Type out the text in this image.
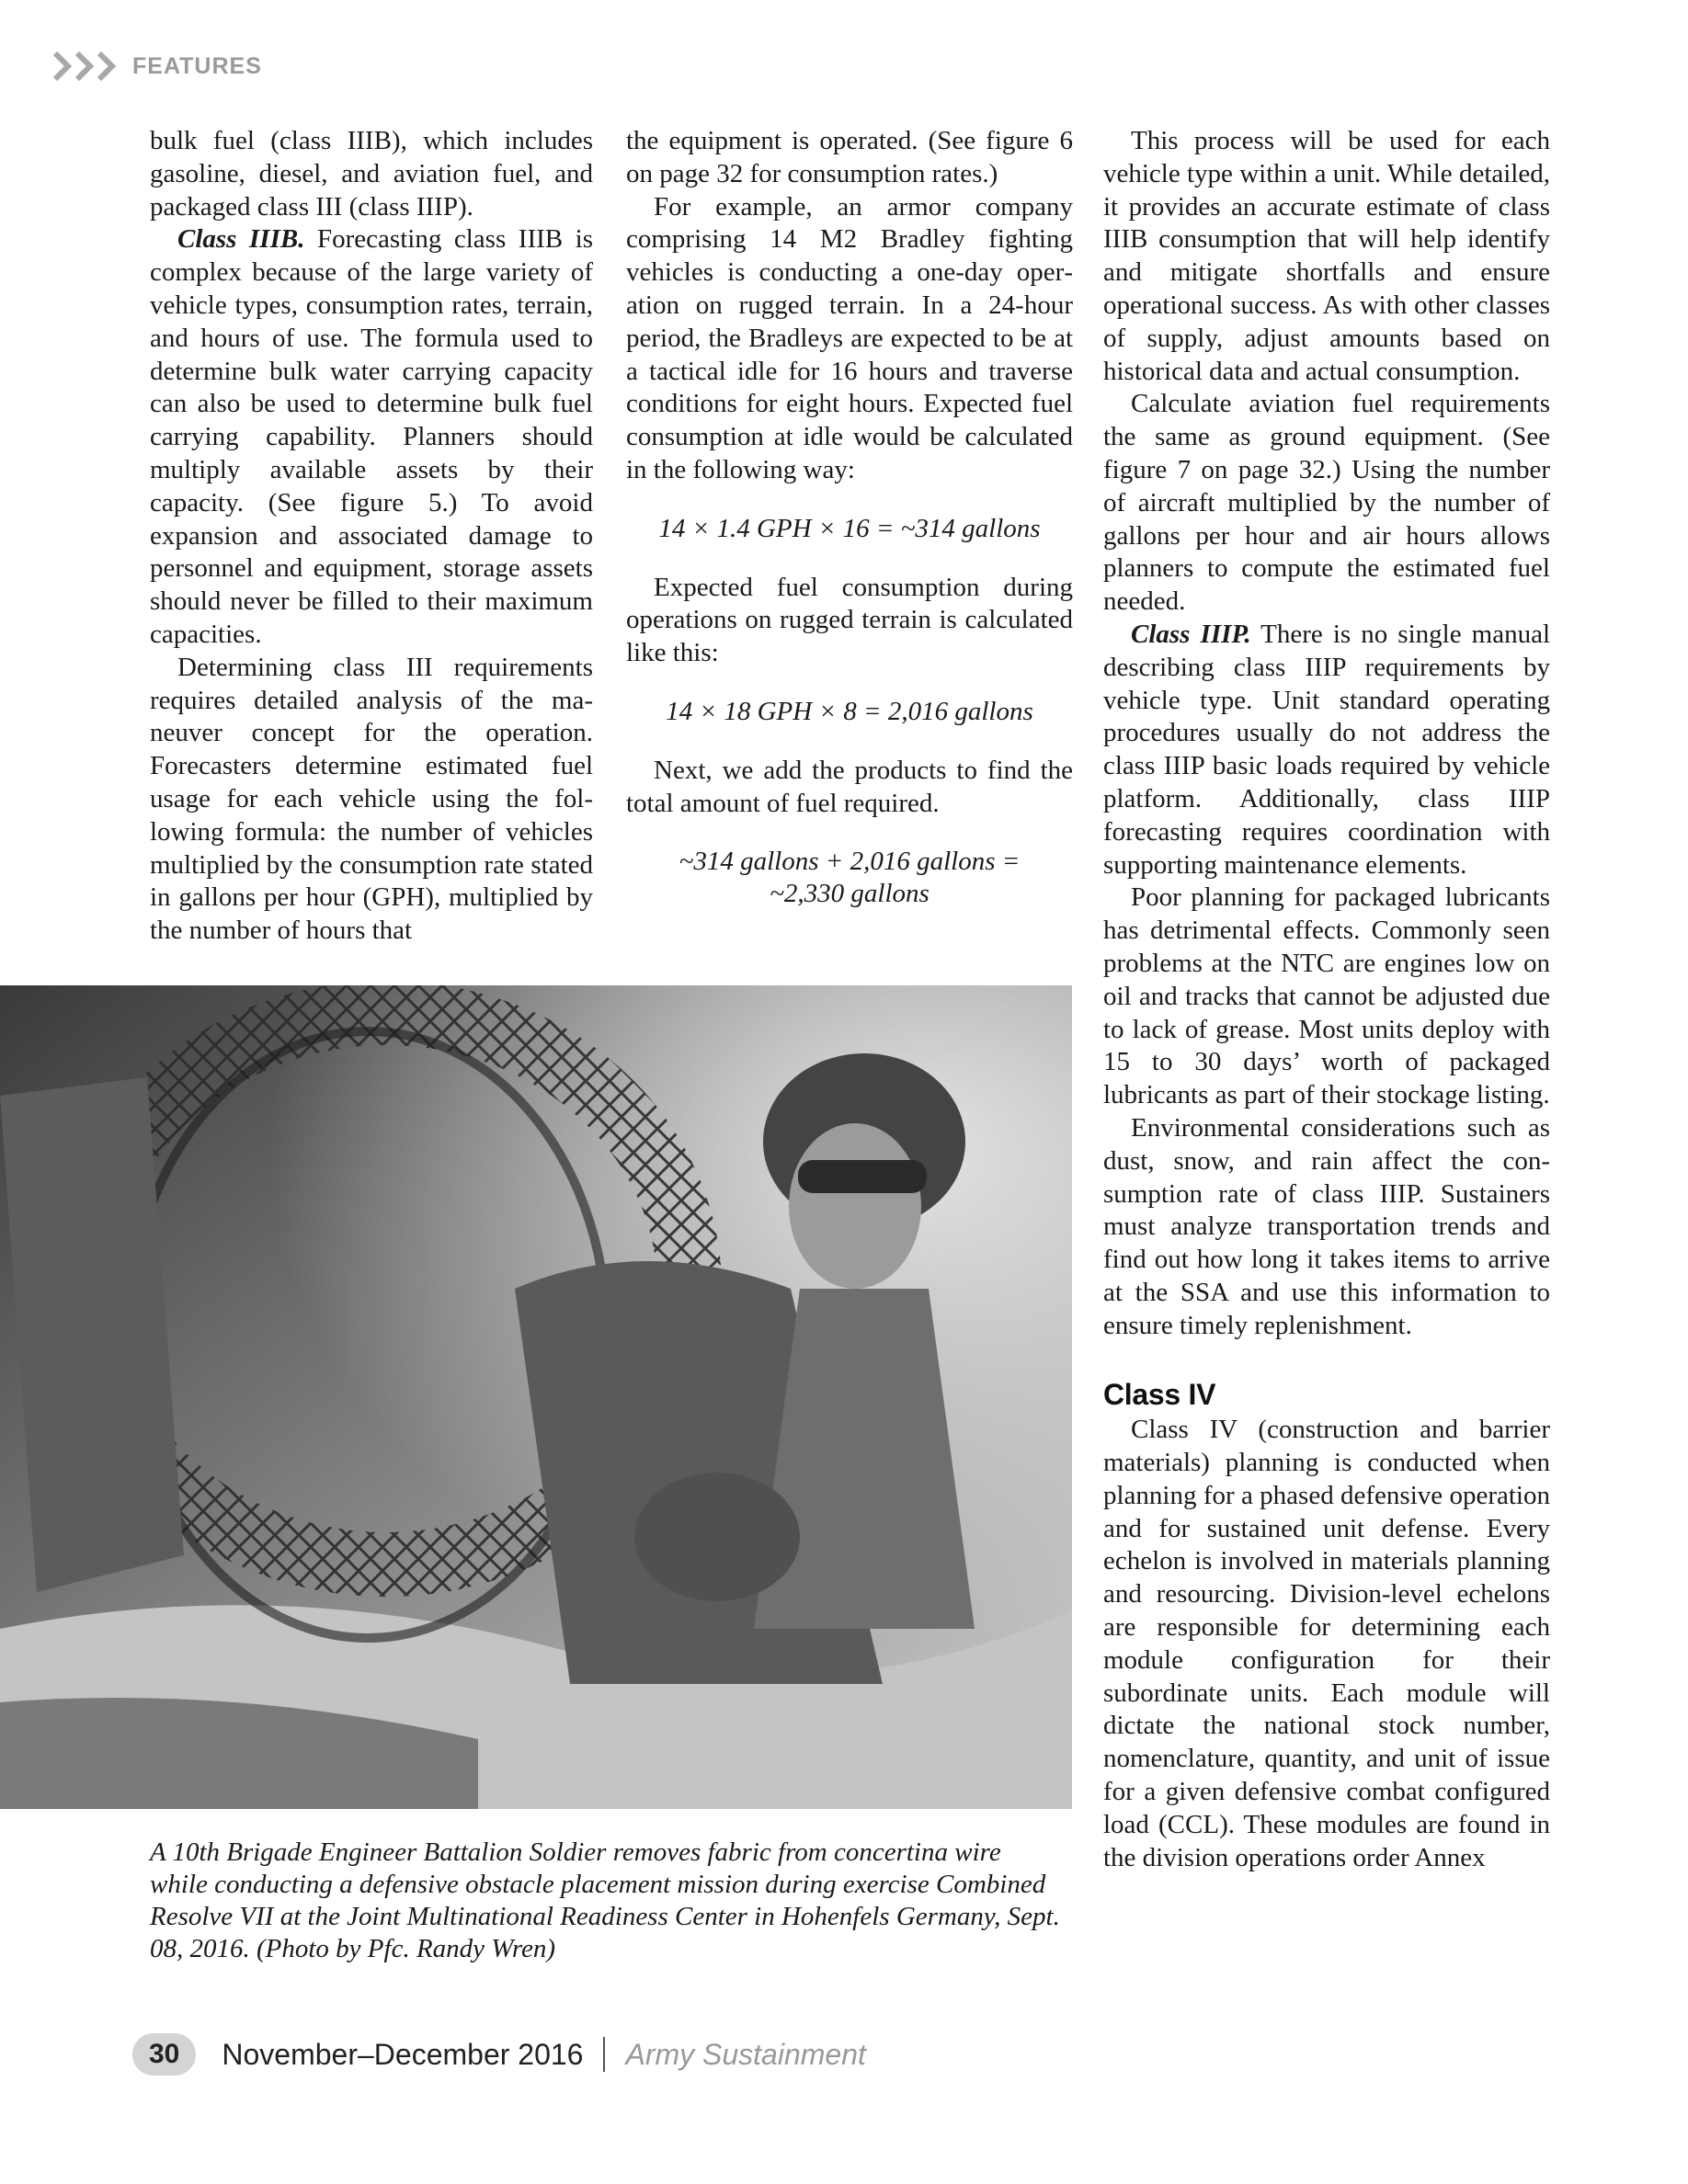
FEATURES

bulk fuel (class IIIB), which includes gasoline, diesel, and aviation fuel, and packaged class III (class IIIP).

Class IIIB. Forecasting class IIIB is complex because of the large variety of vehicle types, consumption rates, terrain, and hours of use. The formula used to determine bulk water carrying capacity can also be used to determine bulk fuel carrying capability. Planners should multiply available assets by their capacity. (See figure 5.) To avoid expansion and associated damage to personnel and equipment, storage assets should never be filled to their maximum capacities.

Determining class III requirements requires detailed analysis of the maneuver concept for the operation. Forecasters determine estimated fuel usage for each vehicle using the following formula: the number of vehicles multiplied by the consumption rate stated in gallons per hour (GPH), multiplied by the number of hours that

the equipment is operated. (See figure 6 on page 32 for consumption rates.)

For example, an armor company comprising 14 M2 Bradley fighting vehicles is conducting a one-day operation on rugged terrain. In a 24-hour period, the Bradleys are expected to be at a tactical idle for 16 hours and traverse conditions for eight hours. Expected fuel consumption at idle would be calculated in the following way:

14 × 1.4 GPH × 16 = ~314 gallons

Expected fuel consumption during operations on rugged terrain is calculated like this:

14 × 18 GPH × 8 = 2,016 gallons

Next, we add the products to find the total amount of fuel required.

~314 gallons + 2,016 gallons =
~2,330 gallons

This process will be used for each vehicle type within a unit. While detailed, it provides an accurate estimate of class IIIB consumption that will help identify and mitigate shortfalls and ensure operational success. As with other classes of supply, adjust amounts based on historical data and actual consumption.

Calculate aviation fuel requirements the same as ground equipment. (See figure 7 on page 32.) Using the number of aircraft multiplied by the number of gallons per hour and air hours allows planners to compute the estimated fuel needed.

Class IIIP. There is no single manual describing class IIIP requirements by vehicle type. Unit standard operating procedures usually do not address the class IIIP basic loads required by vehicle platform. Additionally, class IIIP forecasting requires coordination with supporting maintenance elements.

Poor planning for packaged lubricants has detrimental effects. Commonly seen problems at the NTC are engines low on oil and tracks that cannot be adjusted due to lack of grease. Most units deploy with 15 to 30 days’ worth of packaged lubricants as part of their stockage listing.

Environmental considerations such as dust, snow, and rain affect the consumption rate of class IIIP. Sustainers must analyze transportation trends and find out how long it takes items to arrive at the SSA and use this information to ensure timely replenishment.

Class IV

Class IV (construction and barrier materials) planning is conducted when planning for a phased defensive operation and for sustained unit defense. Every echelon is involved in materials planning and resourcing. Division-level echelons are responsible for determining each module configuration for their subordinate units. Each module will dictate the national stock number, nomenclature, quantity, and unit of issue for a given defensive combat configured load (CCL). These modules are found in the division operations order Annex

A 10th Brigade Engineer Battalion Soldier removes fabric from concertina wire while conducting a defensive obstacle placement mission during exercise Combined Resolve VII at the Joint Multinational Readiness Center in Hohenfels Germany, Sept. 08, 2016. (Photo by Pfc. Randy Wren)
30	November–December 2016 Army Sustainment
